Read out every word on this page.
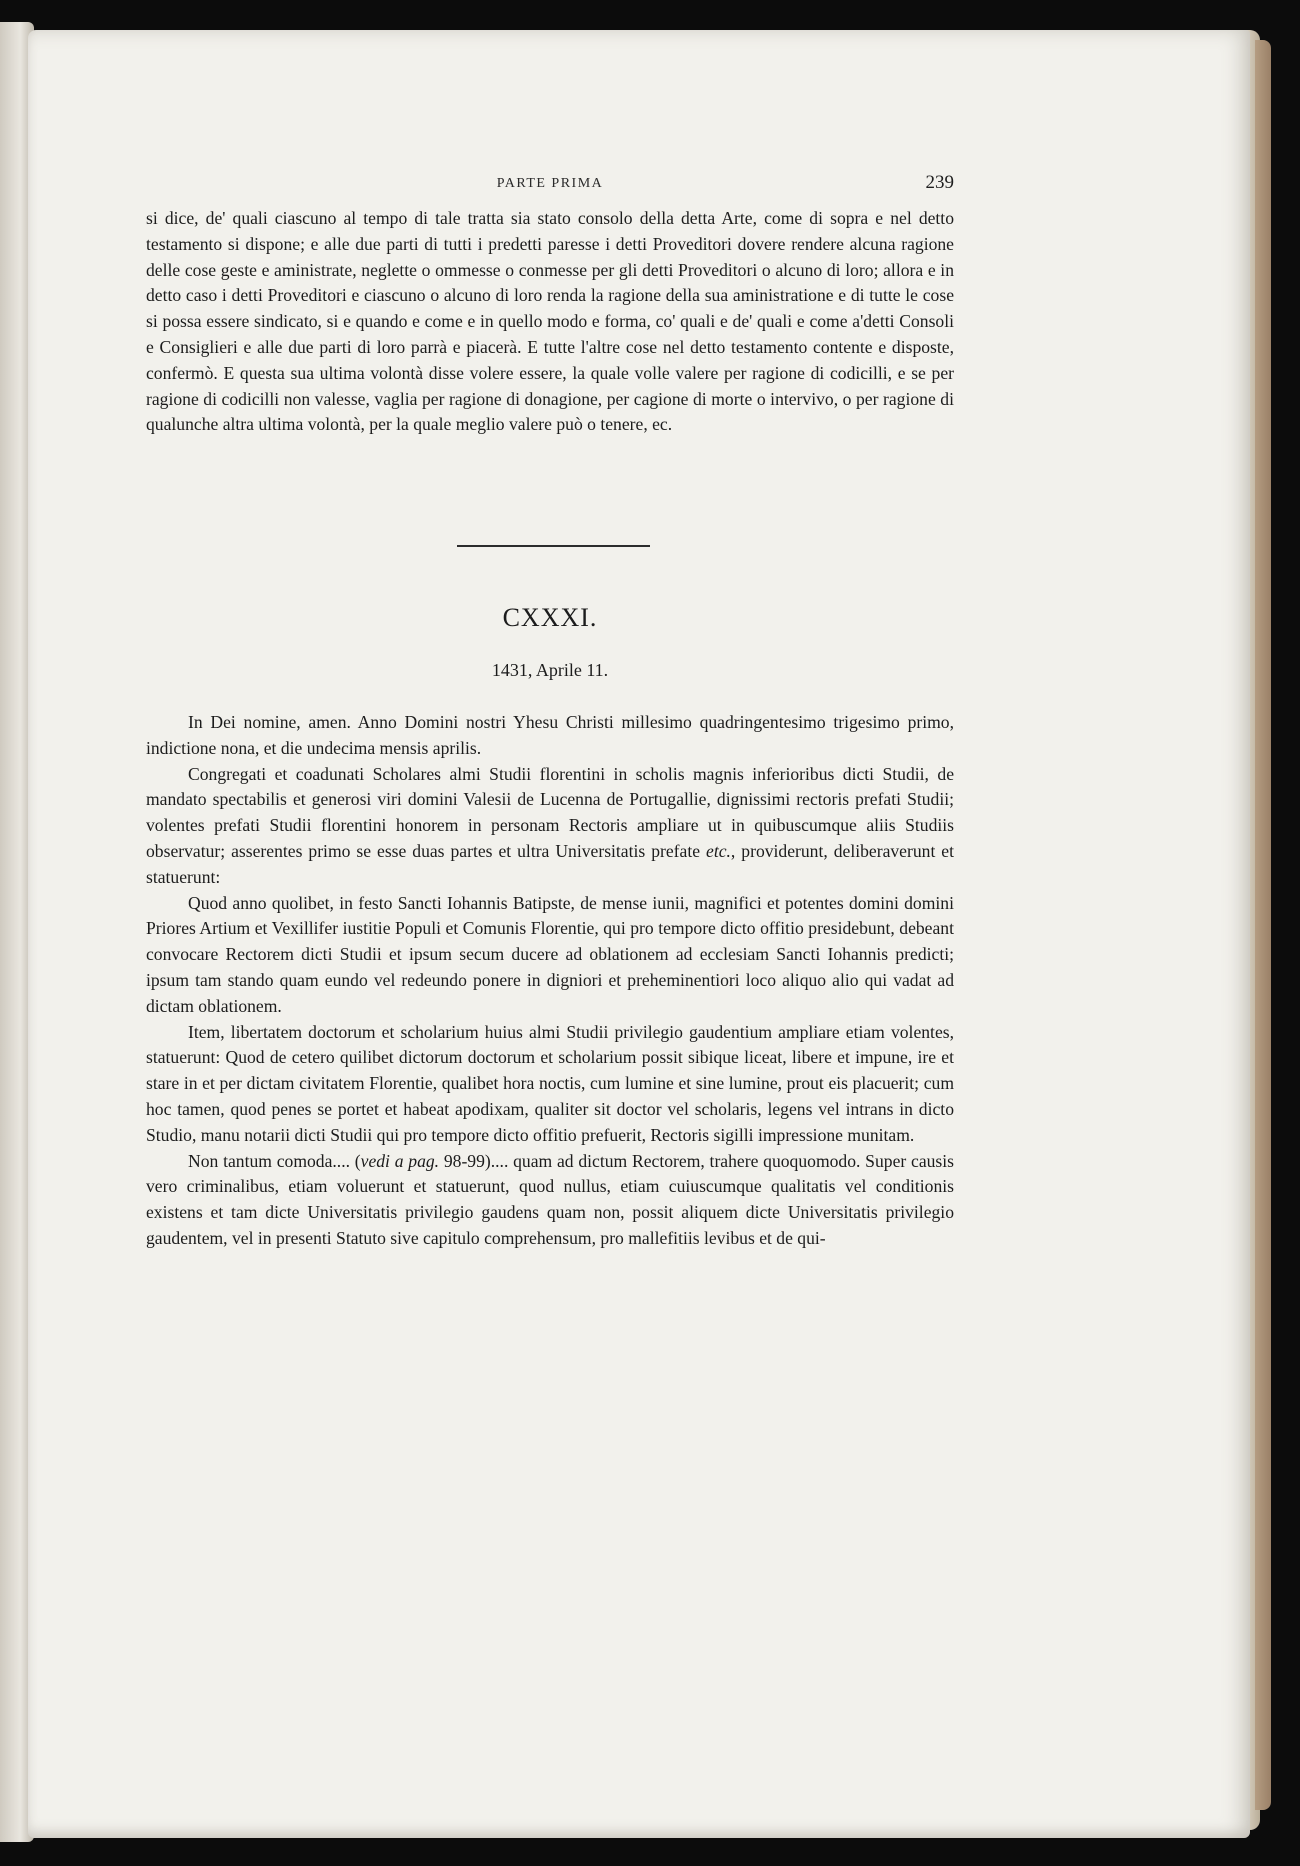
PARTE PRIMA	239

si dice, de' quali ciascuno al tempo di tale tratta sia stato consolo della detta Arte, come di sopra e nel detto testamento si dispone; e alle due parti di tutti i predetti paresse i detti Proveditori dovere rendere alcuna ragione delle cose geste e aministrate, neglette o ommesse o conmesse per gli detti Proveditori o alcuno di loro; allora e in detto caso i detti Proveditori e ciascuno o alcuno di loro renda la ragione della sua aministratione e di tutte le cose si possa essere sindicato, si e quando e come e in quello modo e forma, co' quali e de' quali e come a'detti Consoli e Consiglieri e alle due parti di loro parrà e piacerà. E tutte l'altre cose nel detto testamento contente e disposte, confermò. E questa sua ultima volontà disse volere essere, la quale volle valere per ragione di codicilli, e se per ragione di codicilli non valesse, vaglia per ragione di donagione, per cagione di morte o intervivo, o per ragione di qualunche altra ultima volontà, per la quale meglio valere può o tenere, ec.

CXXXI.
1431, Aprile 11.

In Dei nomine, amen. Anno Domini nostri Yhesu Christi millesimo quadringentesimo trigesimo primo, indictione nona, et die undecima mensis aprilis.

Congregati et coadunati Scholares almi Studii florentini in scholis magnis inferioribus dicti Studii, de mandato spectabilis et generosi viri domini Valesii de Lucenna de Portugallie, dignissimi rectoris prefati Studii; volentes prefati Studii florentini honorem in personam Rectoris ampliare ut in quibuscumque aliis Studiis observatur; asserentes primo se esse duas partes et ultra Universitatis prefate etc., providerunt, deliberaverunt et statuerunt:

Quod anno quolibet, in festo Sancti Iohannis Batipste, de mense iunii, magnifici et potentes domini domini Priores Artium et Vexillifer iustitie Populi et Comunis Florentie, qui pro tempore dicto offitio presidebunt, debeant convocare Rectorem dicti Studii et ipsum secum ducere ad oblationem ad ecclesiam Sancti Iohannis predicti; ipsum tam stando quam eundo vel redeundo ponere in digniori et preheminentiori loco aliquo alio qui vadat ad dictam oblationem.

Item, libertatem doctorum et scholarium huius almi Studii privilegio gaudentium ampliare etiam volentes, statuerunt: Quod de cetero quilibet dictorum doctorum et scholarium possit sibique liceat, libere et impune, ire et stare in et per dictam civitatem Florentie, qualibet hora noctis, cum lumine et sine lumine, prout eis placuerit; cum hoc tamen, quod penes se portet et habeat apodixam, qualiter sit doctor vel scholaris, legens vel intrans in dicto Studio, manu notarii dicti Studii qui pro tempore dicto offitio prefuerit, Rectoris sigilli impressione munitam.

Non tantum comoda.... (vedi a pag. 98-99).... quam ad dictum Rectorem, trahere quoquomodo. Super causis vero criminalibus, etiam voluerunt et statuerunt, quod nullus, etiam cuiuscumque qualitatis vel conditionis existens et tam dicte Universitatis privilegio gaudens quam non, possit aliquem dicte Universitatis privilegio gaudentem, vel in presenti Statuto sive capitulo comprehensum, pro mallefitiis levibus et de qui-
